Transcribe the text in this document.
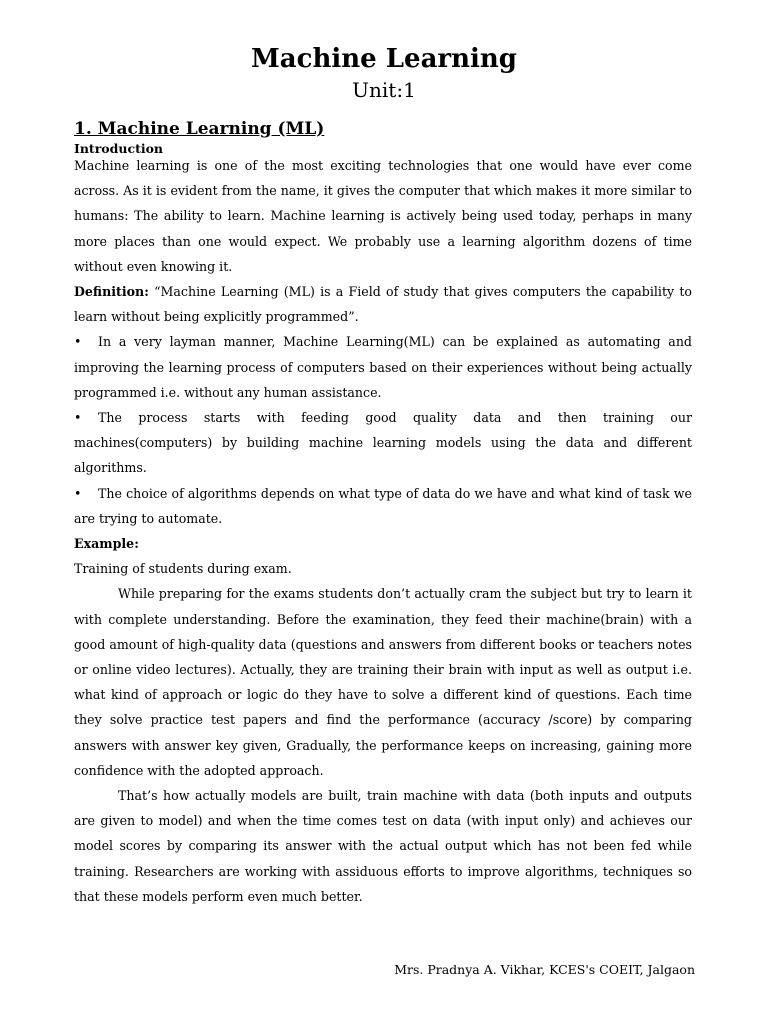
Machine Learning
Unit:1
1. Machine Learning (ML)
Introduction

Machine learning is one of the most exciting technologies that one would have ever come across. As it is evident from the name, it gives the computer that which makes it more similar to humans: The ability to learn. Machine learning is actively being used today, perhaps in many more places than one would expect. We probably use a learning algorithm dozens of time without even knowing it.

Definition: “Machine Learning (ML) is a Field of study that gives computers the capability to learn without being explicitly programmed”.

• In a very layman manner, Machine Learning(ML) can be explained as automating and improving the learning process of computers based on their experiences without being actually programmed i.e. without any human assistance.

• The process starts with feeding good quality data and then training our machines(computers) by building machine learning models using the data and different algorithms.

• The choice of algorithms depends on what type of data do we have and what kind of task we are trying to automate.

Example:

Training of students during exam.

While preparing for the exams students don’t actually cram the subject but try to learn it with complete understanding. Before the examination, they feed their machine(brain) with a good amount of high-quality data (questions and answers from different books or teachers notes or online video lectures). Actually, they are training their brain with input as well as output i.e. what kind of approach or logic do they have to solve a different kind of questions. Each time they solve practice test papers and find the performance (accuracy /score) by comparing answers with answer key given, Gradually, the performance keeps on increasing, gaining more confidence with the adopted approach.

That’s how actually models are built, train machine with data (both inputs and outputs are given to model) and when the time comes test on data (with input only) and achieves our model scores by comparing its answer with the actual output which has not been fed while training. Researchers are working with assiduous efforts to improve algorithms, techniques so that these models perform even much better.

Mrs. Pradnya A. Vikhar, KCES's COEIT, Jalgaon
